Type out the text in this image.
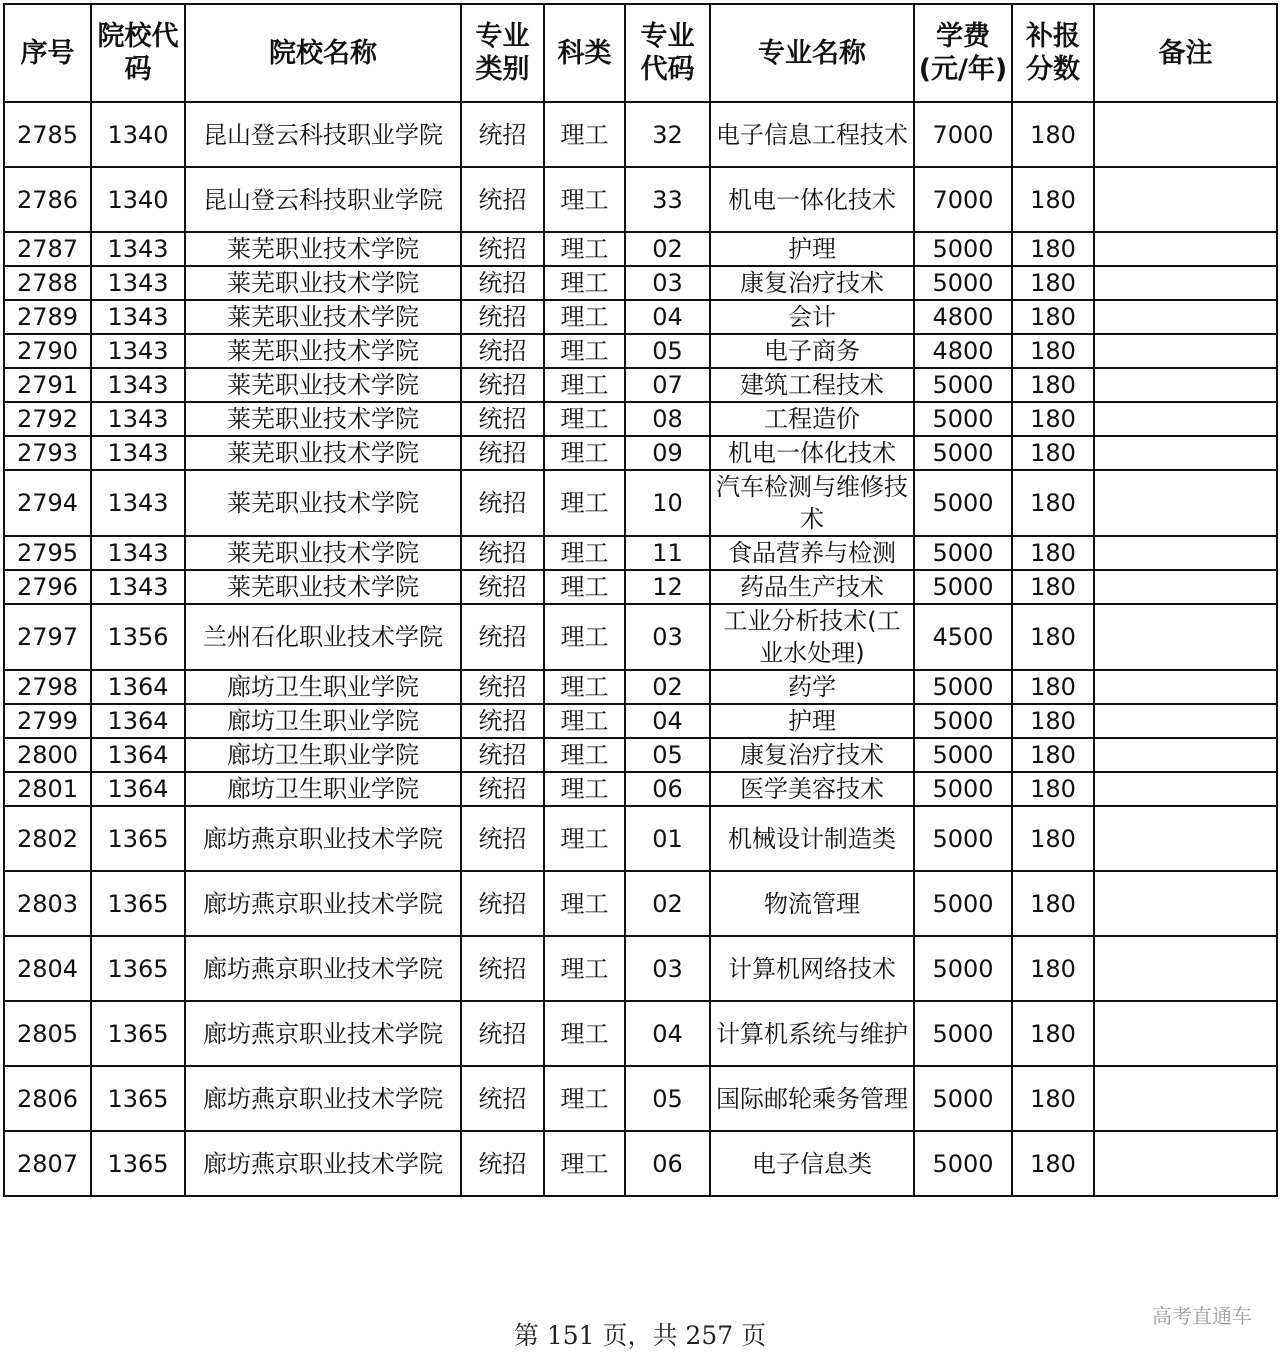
序号	院校代码	院校名称	专业类别	科类	专业代码	专业名称	学费(元/年)	补报分数	备注
2785	1340	昆山登云科技职业学院	统招	理工	32	电子信息工程技术	7000	180	
2786	1340	昆山登云科技职业学院	统招	理工	33	机电一体化技术	7000	180	
2787	1343	莱芜职业技术学院	统招	理工	02	护理	5000	180	
2788	1343	莱芜职业技术学院	统招	理工	03	康复治疗技术	5000	180	
2789	1343	莱芜职业技术学院	统招	理工	04	会计	4800	180	
2790	1343	莱芜职业技术学院	统招	理工	05	电子商务	4800	180	
2791	1343	莱芜职业技术学院	统招	理工	07	建筑工程技术	5000	180	
2792	1343	莱芜职业技术学院	统招	理工	08	工程造价	5000	180	
2793	1343	莱芜职业技术学院	统招	理工	09	机电一体化技术	5000	180	
2794	1343	莱芜职业技术学院	统招	理工	10	汽车检测与维修技术	5000	180	
2795	1343	莱芜职业技术学院	统招	理工	11	食品营养与检测	5000	180	
2796	1343	莱芜职业技术学院	统招	理工	12	药品生产技术	5000	180	
2797	1356	兰州石化职业技术学院	统招	理工	03	工业分析技术(工业水处理)	4500	180	
2798	1364	廊坊卫生职业学院	统招	理工	02	药学	5000	180	
2799	1364	廊坊卫生职业学院	统招	理工	04	护理	5000	180	
2800	1364	廊坊卫生职业学院	统招	理工	05	康复治疗技术	5000	180	
2801	1364	廊坊卫生职业学院	统招	理工	06	医学美容技术	5000	180	
2802	1365	廊坊燕京职业技术学院	统招	理工	01	机械设计制造类	5000	180	
2803	1365	廊坊燕京职业技术学院	统招	理工	02	物流管理	5000	180	
2804	1365	廊坊燕京职业技术学院	统招	理工	03	计算机网络技术	5000	180	
2805	1365	廊坊燕京职业技术学院	统招	理工	04	计算机系统与维护	5000	180	
2806	1365	廊坊燕京职业技术学院	统招	理工	05	国际邮轮乘务管理	5000	180	
2807	1365	廊坊燕京职业技术学院	统招	理工	06	电子信息类	5000	180	
第 151 页，共 257 页
高考直通车
